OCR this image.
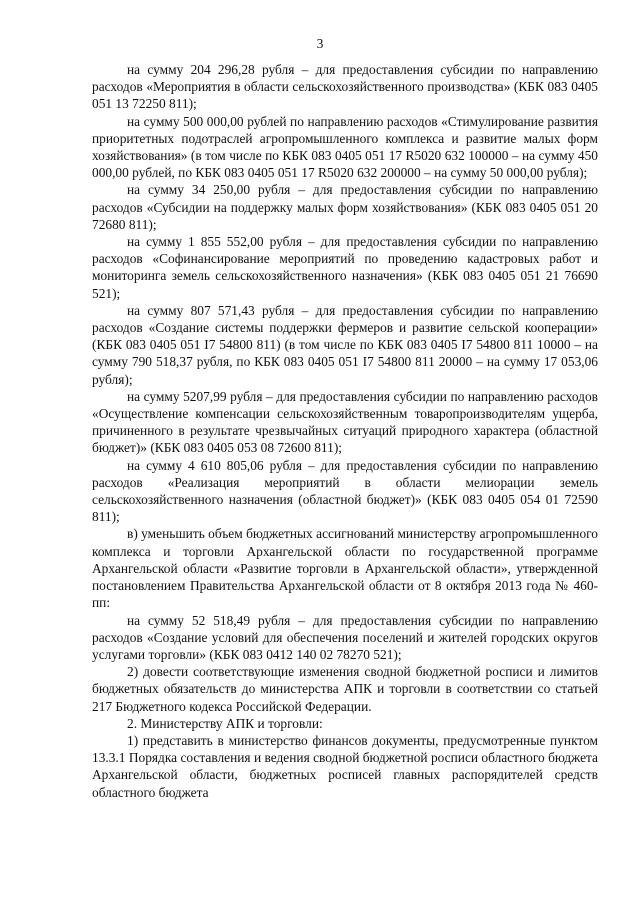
3

на сумму 204 296,28 рубля – для предоставления субсидии по направлению расходов «Мероприятия в области сельскохозяйственного производства» (КБК 083 0405 051 13 72250 811);

на сумму 500 000,00 рублей по направлению расходов «Стимулирование развития приоритетных подотраслей агропромышленного комплекса и развитие малых форм хозяйствования» (в том числе по КБК 083 0405 051 17 R5020 632 100000 – на сумму 450 000,00 рублей, по КБК 083 0405 051 17 R5020 632 200000 – на сумму 50 000,00 рубля);

на сумму 34 250,00 рубля – для предоставления субсидии по направлению расходов «Субсидии на поддержку малых форм хозяйствования» (КБК 083 0405 051 20 72680 811);

на сумму 1 855 552,00 рубля – для предоставления субсидии по направлению расходов «Софинансирование мероприятий по проведению кадастровых работ и мониторинга земель сельскохозяйственного назначения» (КБК 083 0405 051 21 76690 521);

на сумму 807 571,43 рубля – для предоставления субсидии по направлению расходов «Создание системы поддержки фермеров и развитие сельской кооперации» (КБК 083 0405 051 I7 54800 811) (в том числе по КБК 083 0405 I7 54800 811 10000 – на сумму 790 518,37 рубля, по КБК 083 0405 051 I7 54800 811 20000 – на сумму 17 053,06 рубля);

на сумму 5207,99 рубля – для предоставления субсидии по направлению расходов «Осуществление компенсации сельскохозяйственным товаропроизводителям ущерба, причиненного в результате чрезвычайных ситуаций природного характера (областной бюджет)» (КБК 083 0405 053 08 72600 811);

на сумму 4 610 805,06 рубля – для предоставления субсидии по направлению расходов «Реализация мероприятий в области мелиорации земель сельскохозяйственного назначения (областной бюджет)» (КБК 083 0405 054 01 72590 811);

в) уменьшить объем бюджетных ассигнований министерству агропромышленного комплекса и торговли Архангельской области по государственной программе Архангельской области «Развитие торговли в Архангельской области», утвержденной постановлением Правительства Архангельской области от 8 октября 2013 года № 460-пп:

на сумму 52 518,49 рубля – для предоставления субсидии по направлению расходов «Создание условий для обеспечения поселений и жителей городских округов услугами торговли» (КБК 083 0412 140 02 78270 521);

2) довести соответствующие изменения сводной бюджетной росписи и лимитов бюджетных обязательств до министерства АПК и торговли в соответствии со статьей 217 Бюджетного кодекса Российской Федерации.

2. Министерству АПК и торговли:

1) представить в министерство финансов документы, предусмотренные пунктом 13.3.1 Порядка составления и ведения сводной бюджетной росписи областного бюджета Архангельской области, бюджетных росписей главных распорядителей средств областного бюджета
